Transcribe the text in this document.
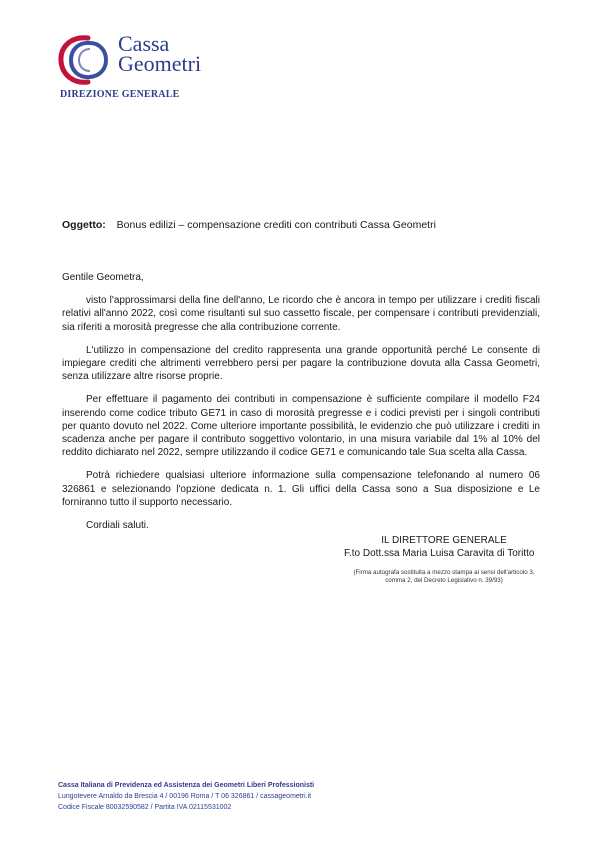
Cassa
Geometri
DIREZIONE GENERALE
Oggetto: Bonus edilizi – compensazione crediti con contributi Cassa Geometri

Gentile Geometra,

visto l'approssimarsi della fine dell'anno, Le ricordo che è ancora in tempo per utilizzare i crediti fiscali relativi all'anno 2022, così come risultanti sul suo cassetto fiscale, per compensare i contributi previdenziali, sia riferiti a morosità pregresse che alla contribuzione corrente.

L'utilizzo in compensazione del credito rappresenta una grande opportunità perché Le consente di impiegare crediti che altrimenti verrebbero persi per pagare la contribuzione dovuta alla Cassa Geometri, senza utilizzare altre risorse proprie.

Per effettuare il pagamento dei contributi in compensazione è sufficiente compilare il modello F24 inserendo come codice tributo GE71 in caso di morosità pregresse e i codici previsti per i singoli contributi per quanto dovuto nel 2022. Come ulteriore importante possibilità, le evidenzio che può utilizzare i crediti in scadenza anche per pagare il contributo soggettivo volontario, in una misura variabile dal 1% al 10% del reddito dichiarato nel 2022, sempre utilizzando il codice GE71 e comunicando tale Sua scelta alla Cassa.

Potrà richiedere qualsiasi ulteriore informazione sulla compensazione telefonando al numero 06 326861 e selezionando l'opzione dedicata n. 1. Gli uffici della Cassa sono a Sua disposizione e Le forniranno tutto il supporto necessario.

Cordiali saluti.

IL DIRETTORE GENERALE
F.to Dott.ssa Maria Luisa Caravita di Toritto
(Firma autografa sostituita a mezzo stampa ai sensi dell'articolo 3, comma 2, del Decreto Legislativo n. 39/93)
Cassa Italiana di Previdenza ed Assistenza dei Geometri Liberi Professionisti
Lungotevere Arnaldo da Brescia 4 / 00196 Roma / T 06 326861 / cassageometri.it
Codice Fiscale 80032590582 / Partita IVA 02115531002
